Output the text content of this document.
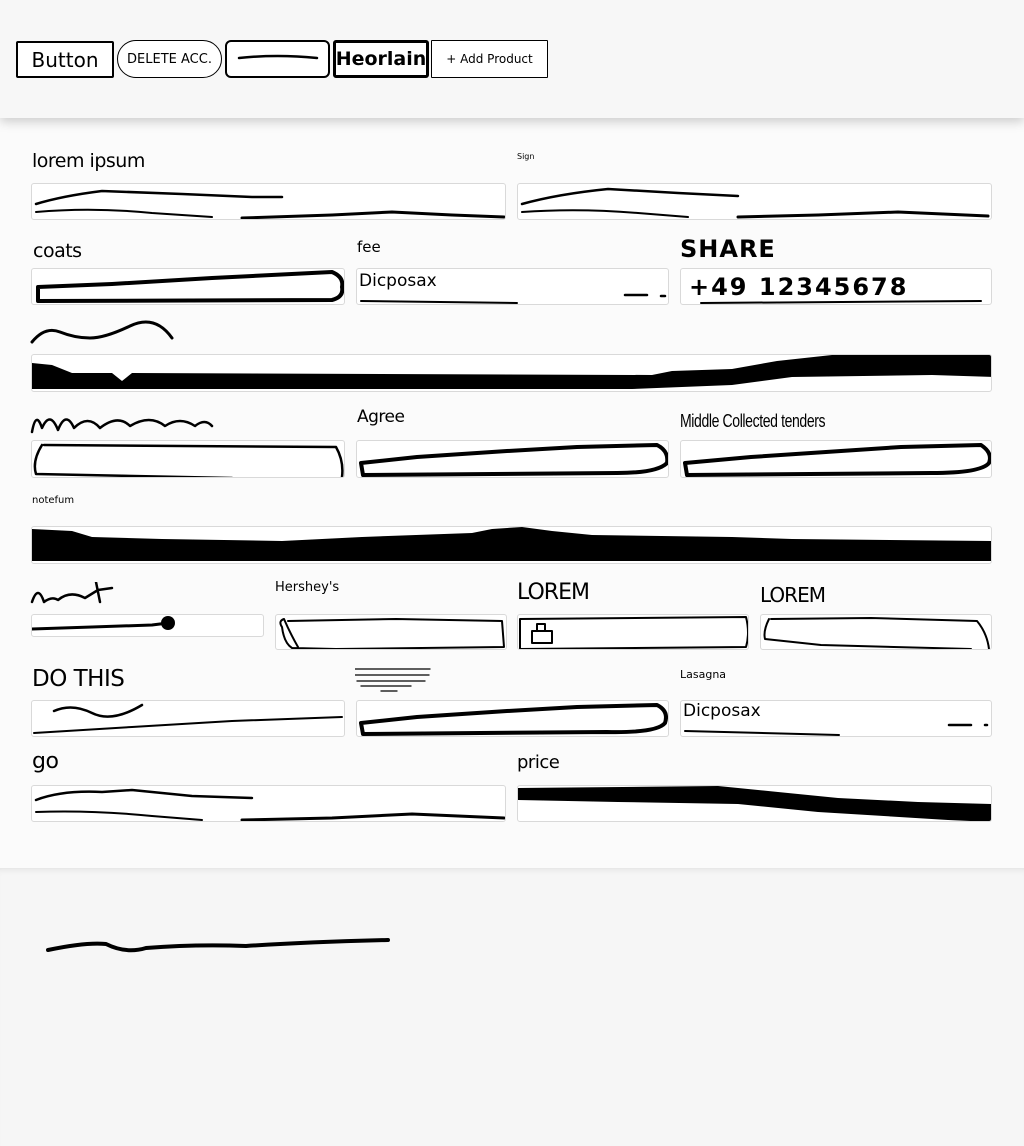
Button DELETE ACC.	Heorlain + Add Product
lorem ipsum	Sign
coats	fee
Dicposax
SHARE
+49 12345678
Agree	Middle Collected tenders
notefum
Hershey's	LOREM	LOREM
DO THIS	Lasagna
Dicposax
go	price
